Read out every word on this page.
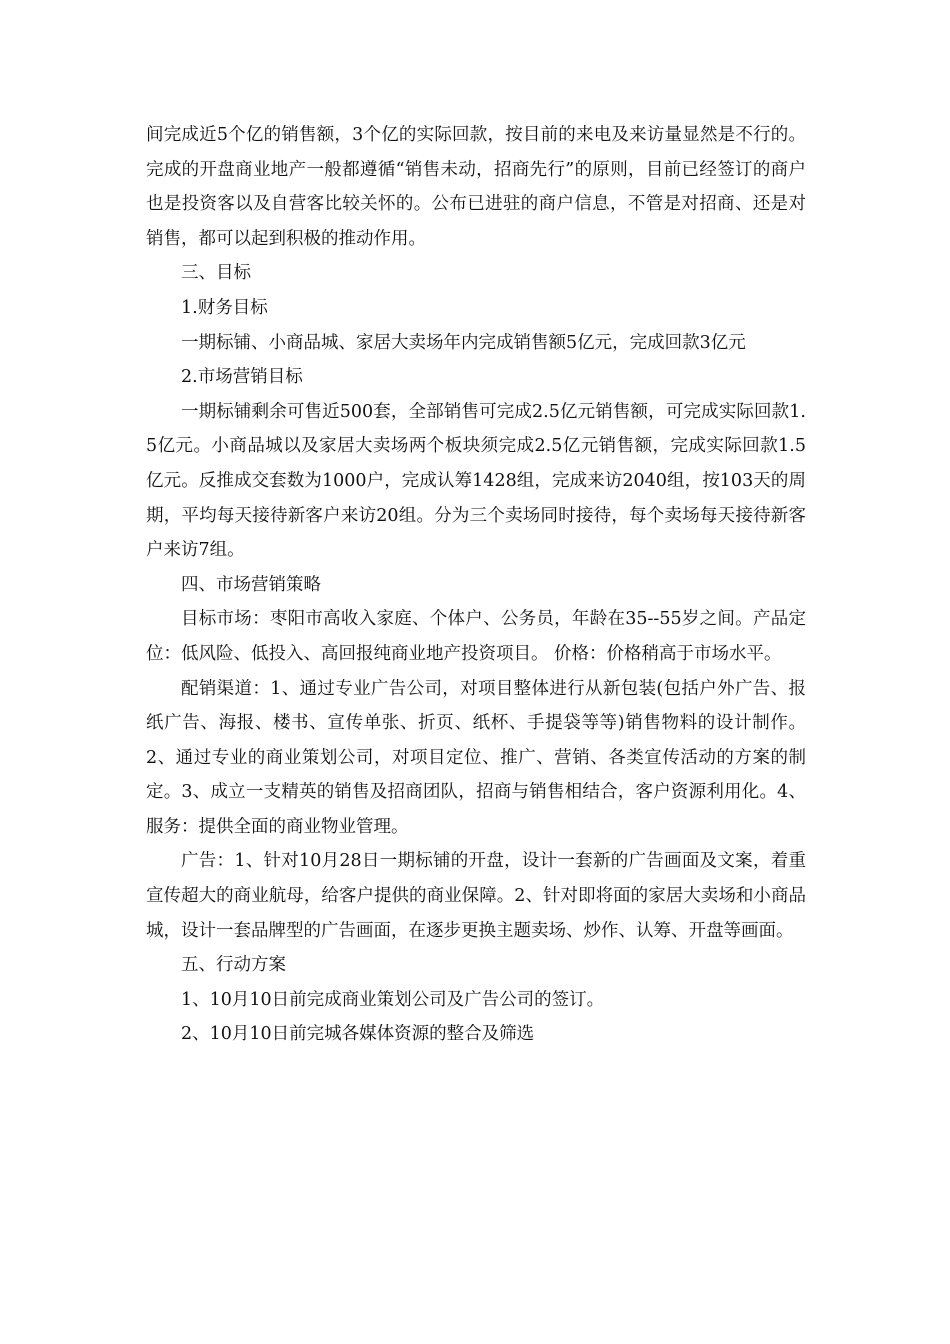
间完成近5个亿的销售额，3个亿的实际回款，按目前的来电及来访量显然是不行的。完成的开盘商业地产一般都遵循“销售未动，招商先行”的原则，目前已经签订的商户也是投资客以及自营客比较关怀的。公布已进驻的商户信息，不管是对招商、还是对销售，都可以起到积极的推动作用。

三、目标

1.财务目标

一期标铺、小商品城、家居大卖场年内完成销售额5亿元，完成回款3亿元

2.市场营销目标

一期标铺剩余可售近500套，全部销售可完成2.5亿元销售额，可完成实际回款1.5亿元。小商品城以及家居大卖场两个板块须完成2.5亿元销售额，完成实际回款1.5亿元。反推成交套数为1000户，完成认筹1428组，完成来访2040组，按103天的周期，平均每天接待新客户来访20组。分为三个卖场同时接待，每个卖场每天接待新客户来访7组。

四、市场营销策略

目标市场：枣阳市高收入家庭、个体户、公务员，年龄在35--55岁之间。产品定位：低风险、低投入、高回报纯商业地产投资项目。 价格：价格稍高于市场水平。

配销渠道：1、通过专业广告公司，对项目整体进行从新包装(包括户外广告、报纸广告、海报、楼书、宣传单张、折页、纸杯、手提袋等等)销售物料的设计制作。2、通过专业的商业策划公司，对项目定位、推广、营销、各类宣传活动的方案的制定。3、成立一支精英的销售及招商团队，招商与销售相结合，客户资源利用化。4、服务：提供全面的商业物业管理。

广告：1、针对10月28日一期标铺的开盘，设计一套新的广告画面及文案，着重宣传超大的商业航母，给客户提供的商业保障。2、针对即将面的家居大卖场和小商品城，设计一套品牌型的广告画面，在逐步更换主题卖场、炒作、认筹、开盘等画面。

五、行动方案

1、10月10日前完成商业策划公司及广告公司的签订。

2、10月10日前完城各媒体资源的整合及筛选
